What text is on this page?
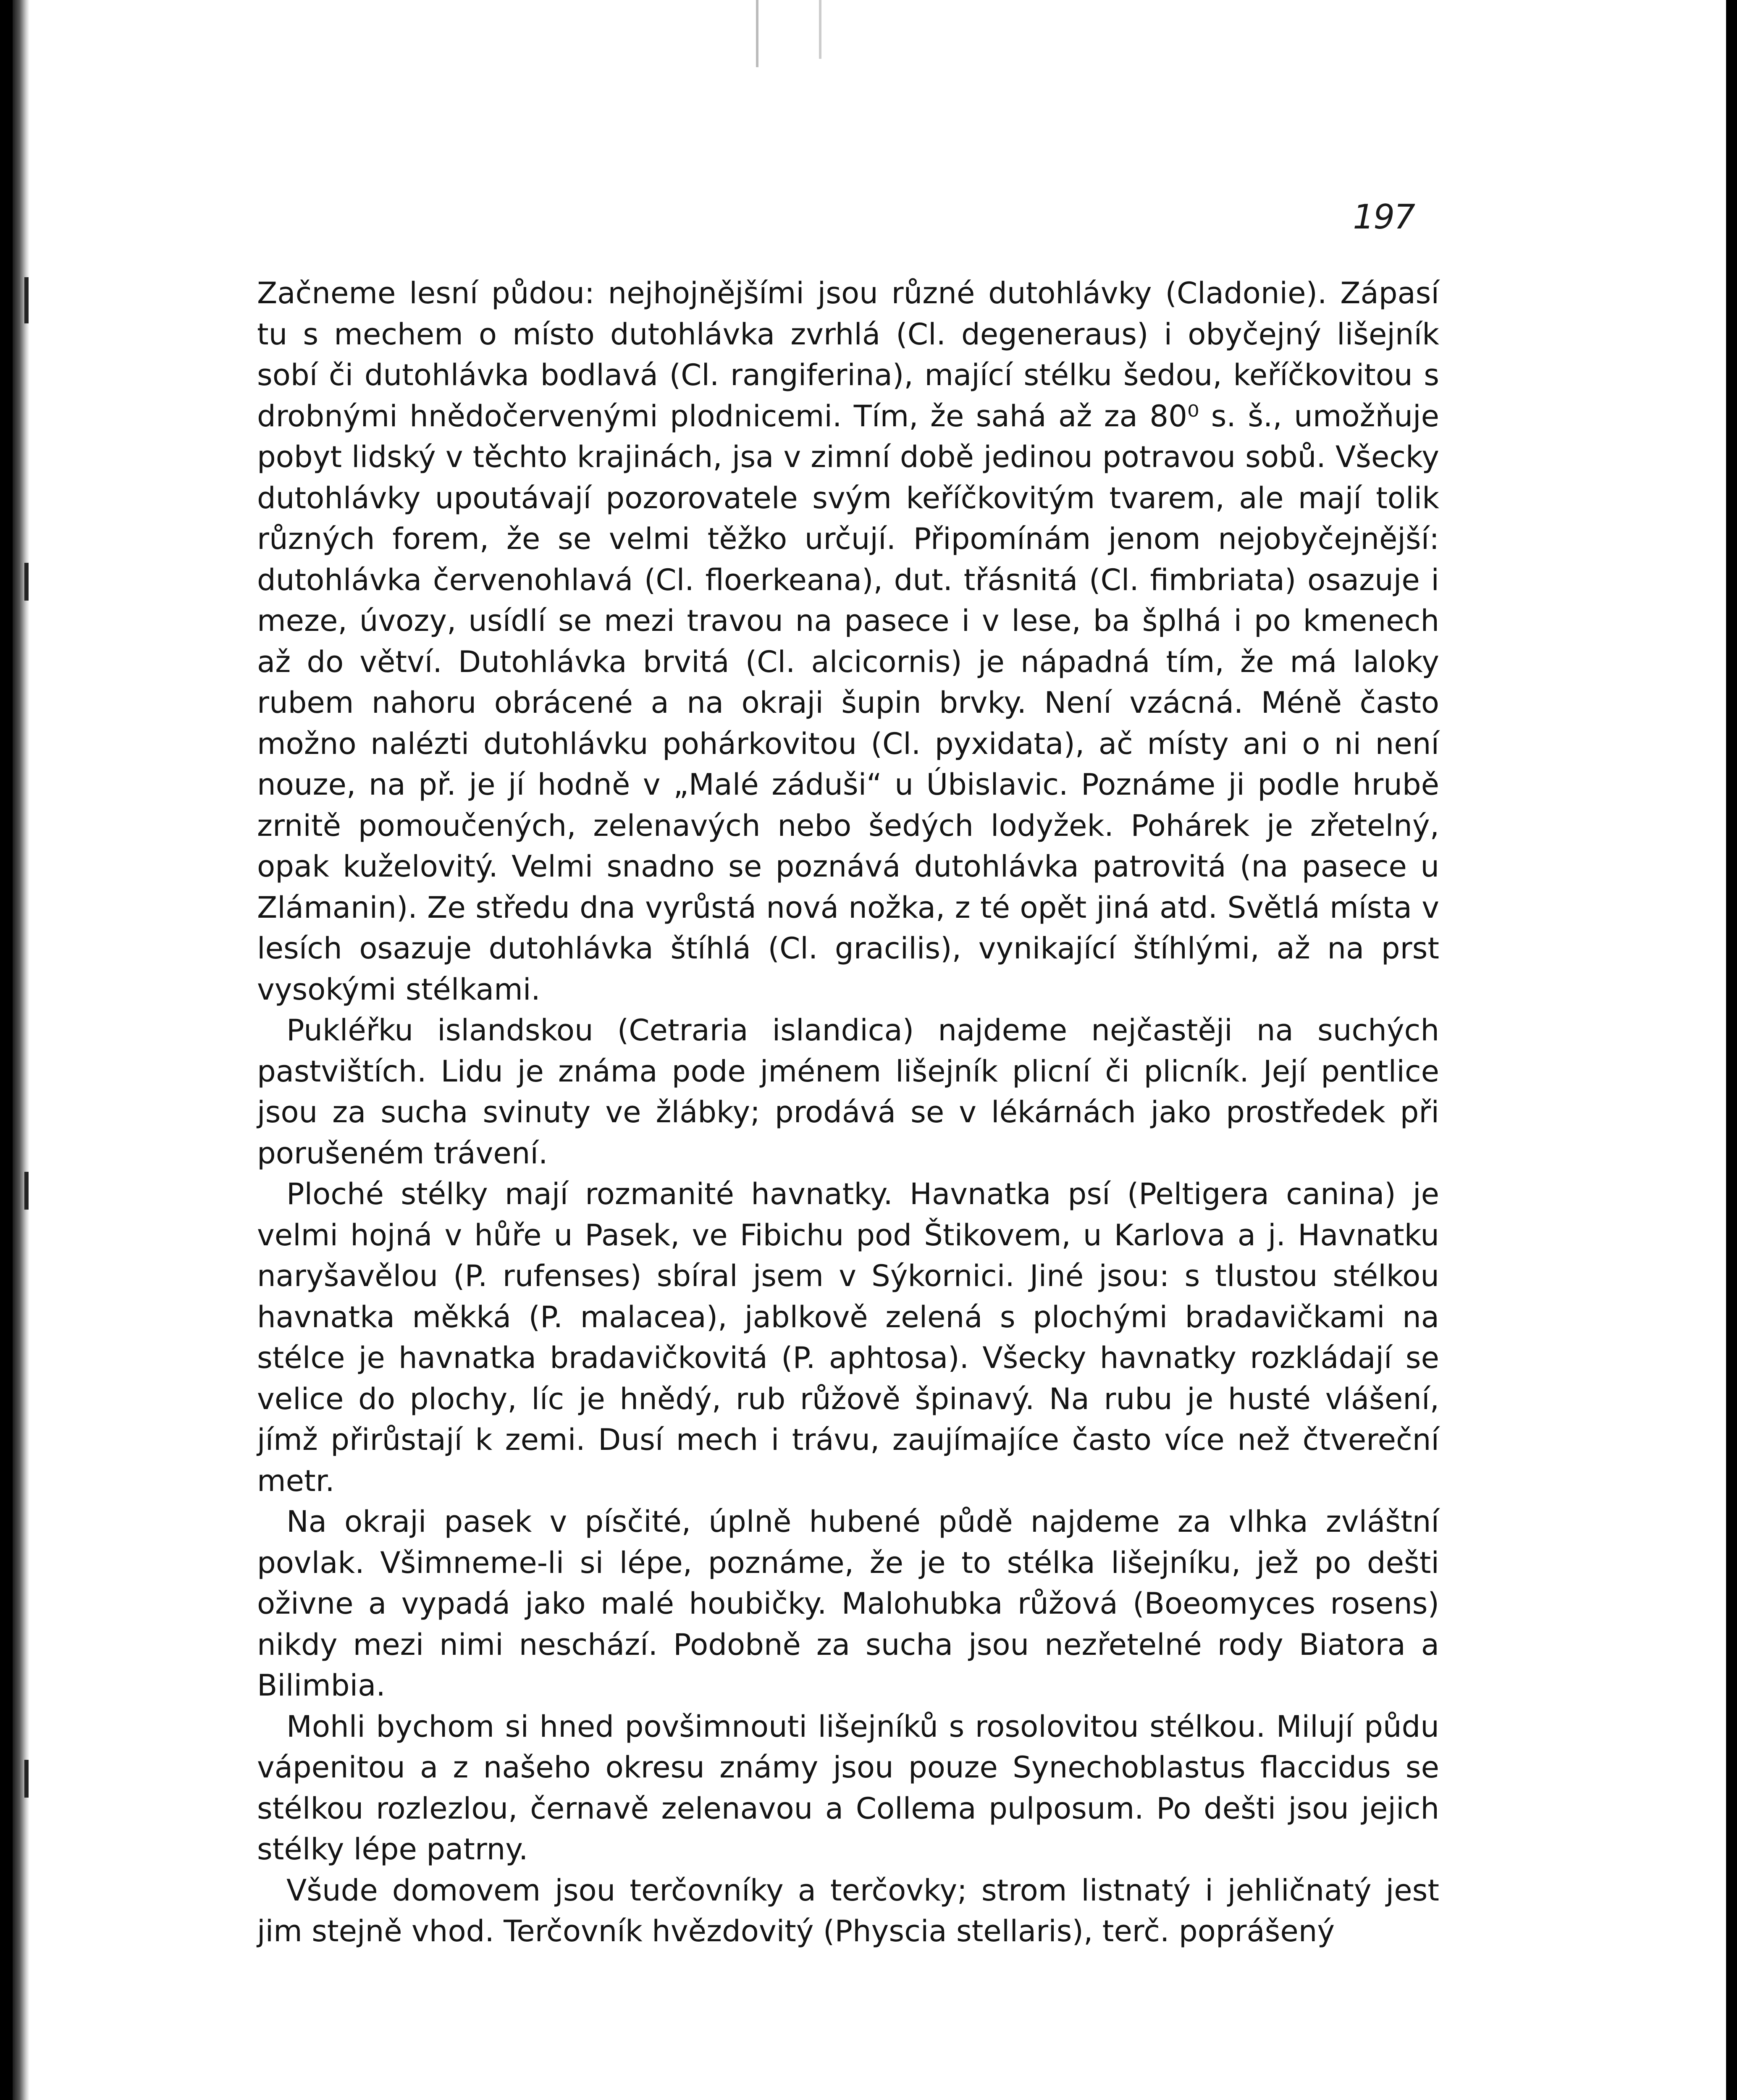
197

Začneme lesní půdou: nejhojnějšími jsou různé dutohlávky (Cladonie). Zápasí tu s mechem o místo dutohlávka zvrhlá (Cl. degeneraus) i obyčejný lišejník sobí či dutohlávka bodlavá (Cl. rangiferina), mající stélku šedou, keříčkovitou s drobnými hnědočervenými plodnicemi. Tím, že sahá až za 80⁰ s. š., umožňuje pobyt lidský v těchto krajinách, jsa v zimní době jedinou potravou sobů. Všecky dutohlávky upoutávají pozorovatele svým keříčkovitým tvarem, ale mají tolik různých forem, že se velmi těžko určují. Připomínám jenom nejobyčejnější: dutohlávka červenohlavá (Cl. floerkeana), dut. třásnitá (Cl. fimbriata) osazuje i meze, úvozy, usídlí se mezi travou na pasece i v lese, ba šplhá i po kmenech až do větví. Dutohlávka brvitá (Cl. alcicornis) je nápadná tím, že má laloky rubem nahoru obrácené a na okraji šupin brvky. Není vzácná. Méně často možno nalézti dutohlávku pohárkovitou (Cl. pyxidata), ač místy ani o ni není nouze, na př. je jí hodně v „Malé záduši“ u Úbislavic. Poznáme ji podle hrubě zrnitě pomoučených, zelenavých nebo šedých lodyžek. Pohárek je zřetelný, opak kuželovitý. Velmi snadno se poznává dutohlávka patrovitá (na pasece u Zlámanin). Ze středu dna vyrůstá nová nožka, z té opět jiná atd. Světlá místa v lesích osazuje dutohlávka štíhlá (Cl. gracilis), vynikající štíhlými, až na prst vysokými stélkami.

Pukléřku islandskou (Cetraria islandica) najdeme nejčastěji na suchých pastvištích. Lidu je známa pode jménem lišejník plicní či plicník. Její pentlice jsou za sucha svinuty ve žlábky; prodává se v lékárnách jako prostředek při porušeném trávení.

Ploché stélky mají rozmanité havnatky. Havnatka psí (Peltigera canina) je velmi hojná v hůře u Pasek, ve Fibichu pod Štikovem, u Karlova a j. Havnatku naryšavělou (P. rufenses) sbíral jsem v Sýkornici. Jiné jsou: s tlustou stélkou havnatka měkká (P. malacea), jablkově zelená s plochými bradavičkami na stélce je havnatka bradavičkovitá (P. aphtosa). Všecky havnatky rozkládají se velice do plochy, líc je hnědý, rub růžově špinavý. Na rubu je husté vlášení, jímž přirůstají k zemi. Dusí mech i trávu, zaujímajíce často více než čtvereční metr.

Na okraji pasek v písčité, úplně hubené půdě najdeme za vlhka zvláštní povlak. Všimneme-li si lépe, poznáme, že je to stélka lišejníku, jež po dešti oživne a vypadá jako malé houbičky. Malohubka růžová (Boeomyces rosens) nikdy mezi nimi neschází. Podobně za sucha jsou nezřetelné rody Biatora a Bilimbia.

Mohli bychom si hned povšimnouti lišejníků s rosolovitou stélkou. Milují půdu vápenitou a z našeho okresu známy jsou pouze Synechoblastus flaccidus se stélkou rozlezlou, černavě zelenavou a Collema pulposum. Po dešti jsou jejich stélky lépe patrny.

Všude domovem jsou terčovníky a terčovky; strom listnatý i jehličnatý jest jim stejně vhod. Terčovník hvězdovitý (Physcia stellaris), terč. poprášený
